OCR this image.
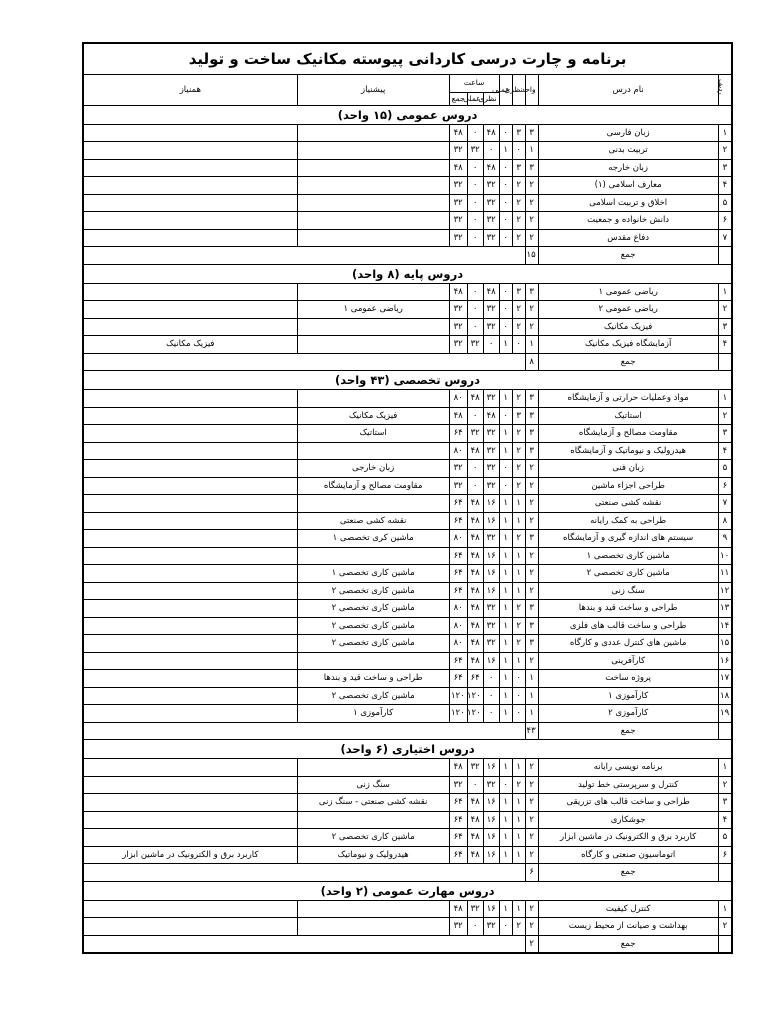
برنامه و چارت درسی کاردانی پیوسته مکانیک ساخت و تولید									
ردیف	نام درس	واحد	نظری	عملی	ساعت			پیشنیاز	همنیاز
					نظری	عملی	جمع		
دروس عمومی (۱۵ واحد)									
۱	زبان فارسی	۳	۳	۰	۴۸	۰	۴۸		
۲	تربیت بدنی	۱	۰	۱	۰	۳۲	۳۲		
۳	زبان خارجه	۳	۳	۰	۴۸	۰	۴۸		
۴	معارف اسلامی (۱)	۲	۲	۰	۳۲	۰	۳۲		
۵	اخلاق و تربیت اسلامی	۲	۲	۰	۳۲	۰	۳۲		
۶	دانش خانواده و جمعیت	۲	۲	۰	۳۲	۰	۳۲		
۷	دفاع مقدس	۲	۲	۰	۳۲	۰	۳۲		
	جمع	۱۵							
دروس پایه (۸ واحد)									
۱	ریاضی عمومی ۱	۳	۳	۰	۴۸	۰	۴۸		
۲	ریاضی عمومی ۲	۲	۲	۰	۳۲	۰	۳۲	ریاضی عمومی ۱	
۳	فیزیک مکانیک	۲	۲	۰	۳۲	۰	۳۲		
۴	آزمایشگاه فیزیک مکانیک	۱	۰	۱	۰	۳۲	۳۲		فیزیک مکانیک
	جمع	۸							
دروس تخصصی (۴۳ واحد)									
۱	مواد وعملیات حرارتی و آزمایشگاه	۳	۲	۱	۳۲	۴۸	۸۰		
۲	استاتیک	۳	۳	۰	۴۸	۰	۴۸	فیزیک مکانیک	
۳	مقاومت مصالح و آزمایشگاه	۳	۲	۱	۳۲	۳۲	۶۴	استاتیک	
۴	هیدرولیک و نیوماتیک و آزمایشگاه	۳	۲	۱	۳۲	۴۸	۸۰		
۵	زبان فنی	۲	۲	۰	۳۲	۰	۳۲	زبان خارجی	
۶	طراحی اجزاء ماشین	۲	۲	۰	۳۲	۰	۳۲	مقاومت مصالح و آزمایشگاه	
۷	نقشه کشی صنعتی	۲	۱	۱	۱۶	۴۸	۶۴		
۸	طراحی به کمک رایانه	۲	۱	۱	۱۶	۴۸	۶۴	نقشه کشی صنعتی	
۹	سیستم های اندازه گیری و آزمایشگاه	۳	۲	۱	۳۲	۴۸	۸۰	ماشین کری تخصصی ۱	
۱۰	ماشین کاری تخصصی ۱	۲	۱	۱	۱۶	۴۸	۶۴		
۱۱	ماشین کاری تخصصی ۲	۲	۱	۱	۱۶	۴۸	۶۴	ماشین کاری تخصصی ۱	
۱۲	سنگ زنی	۲	۱	۱	۱۶	۴۸	۶۴	ماشین کاری تخصصی ۲	
۱۳	طراحی و ساخت قید و بندها	۳	۲	۱	۳۲	۴۸	۸۰	ماشین کاری تخصصی ۲	
۱۴	طراحی و ساخت قالب های فلزی	۳	۲	۱	۳۲	۴۸	۸۰	ماشین کاری تخصصی ۲	
۱۵	ماشین های کنترل عددی و کارگاه	۳	۲	۱	۳۲	۴۸	۸۰	ماشین کاری تخصصی ۲	
۱۶	کارآفرینی	۲	۱	۱	۱۶	۴۸	۶۴		
۱۷	پروژه ساخت	۱	۰	۱	۰	۶۴	۶۴	طراحی و ساخت قید و بندها	
۱۸	کارآموزی ۱	۱	۰	۱	۰	۱۲۰	۱۲۰	ماشین کاری تخصصی ۲	
۱۹	کارآموزی ۲	۱	۰	۱	۰	۱۲۰	۱۲۰	کارآموزی ۱	
	جمع	۴۳							
دروس اختیاری (۶ واحد)									
۱	برنامه نویسی رایانه	۲	۱	۱	۱۶	۳۲	۴۸		
۲	کنترل و سرپرستی خط تولید	۲	۲	۰	۳۲	۰	۳۲	سنگ زنی	
۳	طراحی و ساخت قالب های تزریقی	۲	۱	۱	۱۶	۴۸	۶۴	نقشه کشی صنعتی - سنگ زنی	
۴	جوشکاری	۲	۱	۱	۱۶	۴۸	۶۴		
۵	کاربرد برق و الکترونیک در ماشین ابزار	۲	۱	۱	۱۶	۴۸	۶۴	ماشین کاری تخصصی ۲	
۶	اتوماسیون صنعتی و کارگاه	۲	۱	۱	۱۶	۴۸	۶۴	هیدرولیک و نیوماتیک	کاربرد برق و الکترونیک در ماشین ابزار
	جمع	۶							
دروس مهارت عمومی (۲ واحد)									
۱	کنترل کیفیت	۲	۱	۱	۱۶	۳۲	۴۸		
۲	بهداشت و صیانت از محیط زیست	۲	۲	۰	۳۲	۰	۳۲		
	جمع	۲							
